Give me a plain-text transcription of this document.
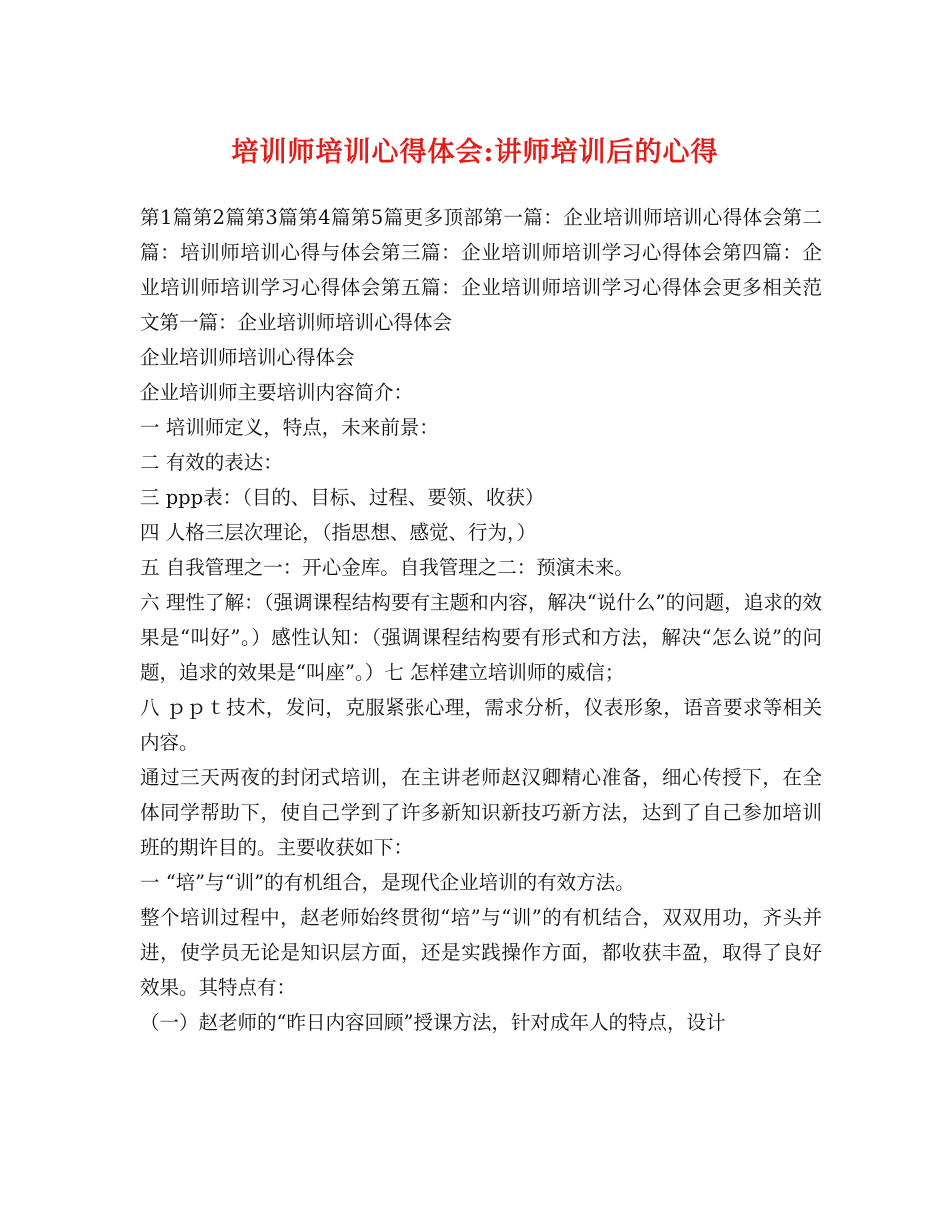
培训师培训心得体会:讲师培训后的心得

第1篇第2篇第3篇第4篇第5篇更多顶部第一篇：企业培训师培训心得体会第二篇：培训师培训心得与体会第三篇：企业培训师培训学习心得体会第四篇：企业培训师培训学习心得体会第五篇：企业培训师培训学习心得体会更多相关范文第一篇：企业培训师培训心得体会

企业培训师培训心得体会

企业培训师主要培训内容简介：

一 培训师定义，特点，未来前景：

二 有效的表达：

三 ppp表：（目的、目标、过程、要领、收获）

四 人格三层次理论，（指思想、感觉、行为，）

五 自我管理之一：开心金库。自我管理之二：预演未来。

六 理性了解：（强调课程结构要有主题和内容，解决“说什么”的问题，追求的效果是“叫好”。）感性认知：（强调课程结构要有形式和方法，解决“怎么说”的问题，追求的效果是“叫座”。）七 怎样建立培训师的威信；

八 ｐｐｔ技术，发问，克服紧张心理，需求分析，仪表形象，语音要求等相关内容。

通过三天两夜的封闭式培训，在主讲老师赵汉卿精心准备，细心传授下，在全体同学帮助下，使自己学到了许多新知识新技巧新方法，达到了自己参加培训班的期许目的。主要收获如下：

一 “培”与“训”的有机组合，是现代企业培训的有效方法。

整个培训过程中，赵老师始终贯彻“培”与“训”的有机结合，双双用功，齐头并进，使学员无论是知识层方面，还是实践操作方面，都收获丰盈，取得了良好效果。其特点有：

（一）赵老师的“昨日内容回顾”授课方法，针对成年人的特点，设计
